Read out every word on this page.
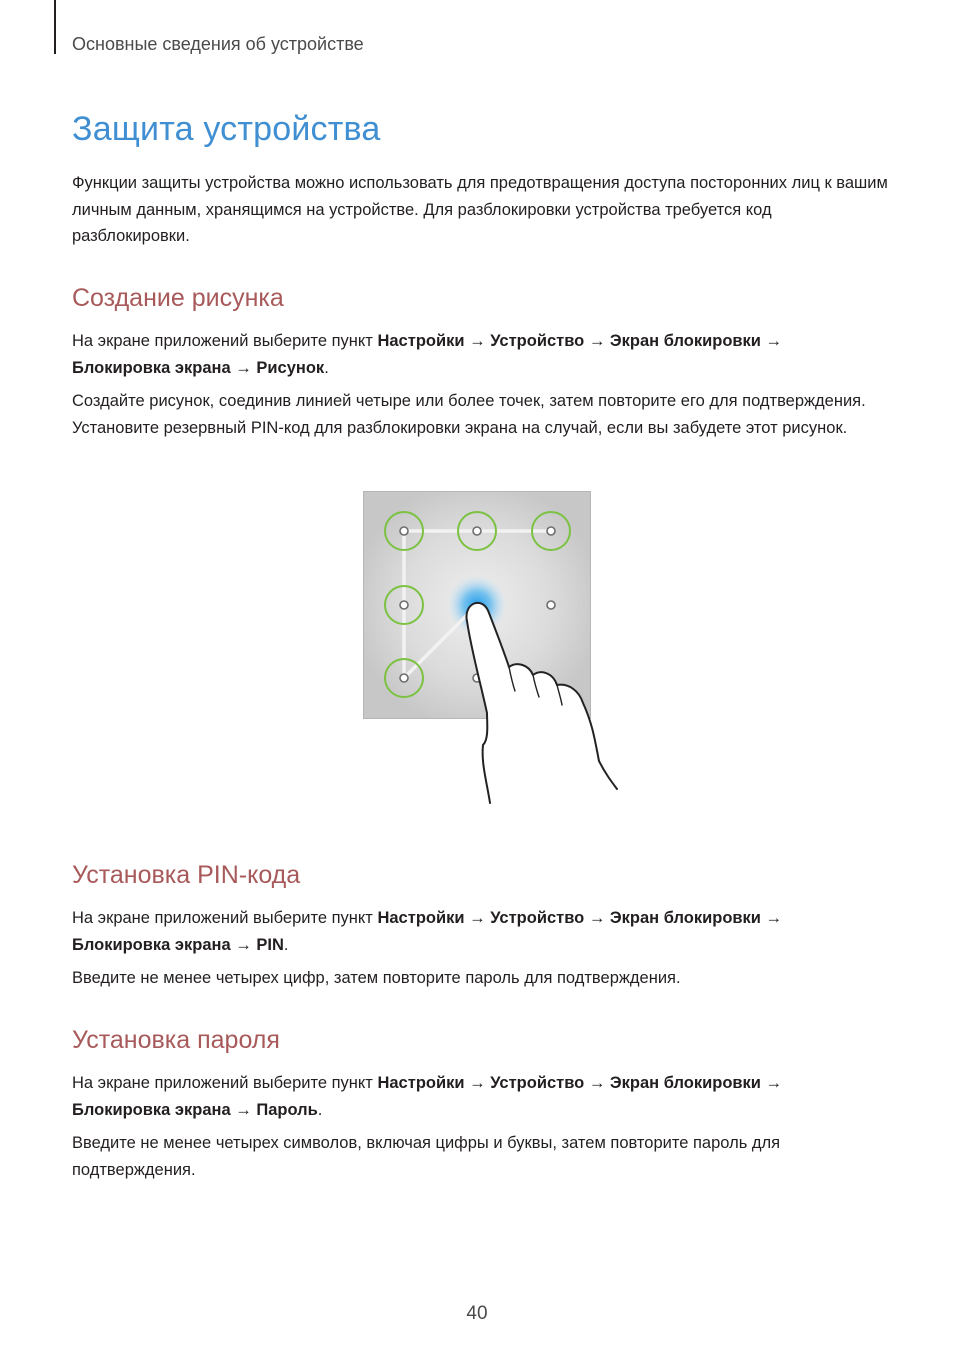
Основные сведения об устройстве
Защита устройства

Функции защиты устройства можно использовать для предотвращения доступа посторонних лиц к вашим личным данным, хранящимся на устройстве. Для разблокировки устройства требуется код разблокировки.

Создание рисунка

На экране приложений выберите пункт Настройки → Устройство → Экран блокировки →
Блокировка экрана → Рисунок.

Создайте рисунок, соединив линией четыре или более точек, затем повторите его для подтверждения. Установите резервный PIN-код для разблокировки экрана на случай, если вы забудете этот рисунок.

Установка PIN-кода

На экране приложений выберите пункт Настройки → Устройство → Экран блокировки →
Блокировка экрана → PIN.

Введите не менее четырех цифр, затем повторите пароль для подтверждения.

Установка пароля

На экране приложений выберите пункт Настройки → Устройство → Экран блокировки →
Блокировка экрана → Пароль.

Введите не менее четырех символов, включая цифры и буквы, затем повторите пароль для подтверждения.

40
